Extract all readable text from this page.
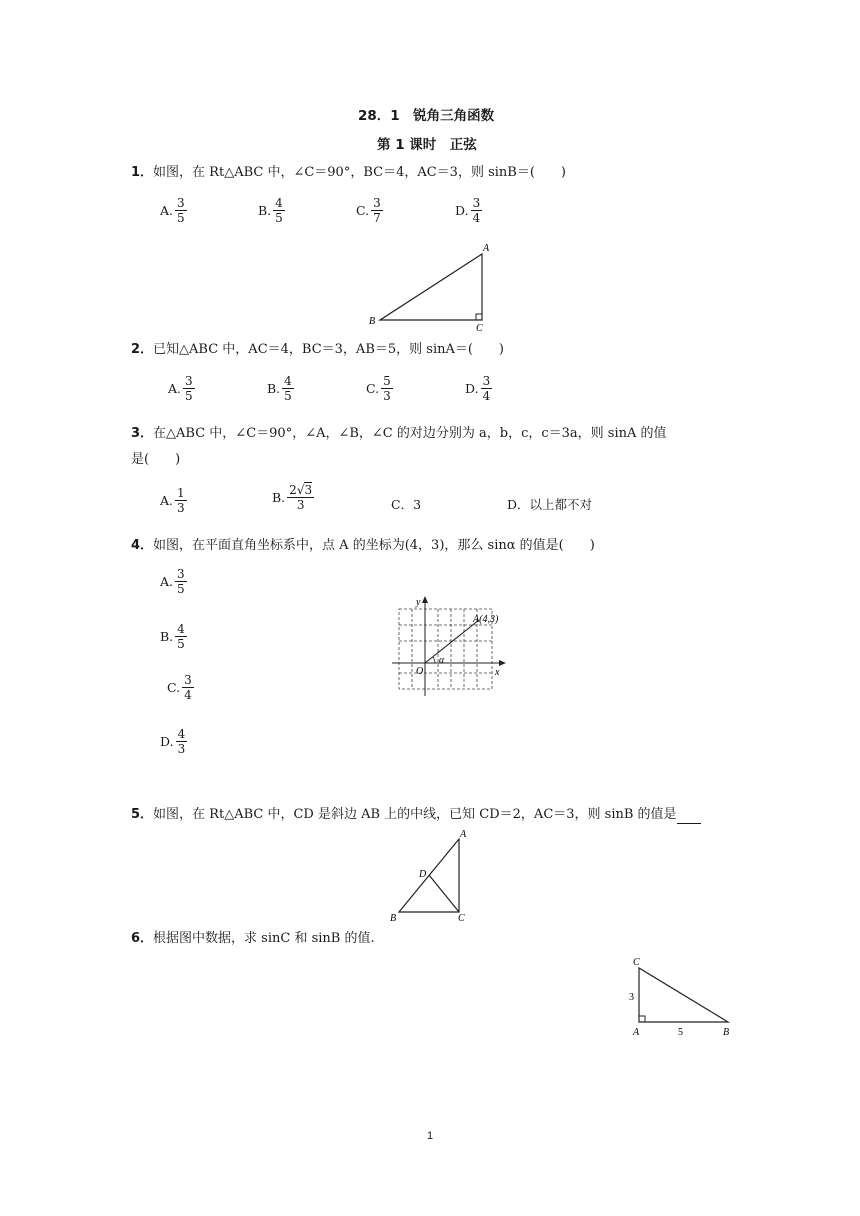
28．1　锐角三角函数
第 1 课时　正弦
1．如图，在 Rt△ABC 中，∠C＝90°，BC＝4，AC＝3，则 sinB＝(　　)
A. $\frac{3}{5}$	B. $\frac{4}{5}$	C. $\frac{3}{7}$	D. $\frac{3}{4}$
A
B
C
2．已知△ABC 中，AC＝4，BC＝3，AB＝5，则 sinA＝(　　)
A. $\frac{3}{5}$	B. $\frac{4}{5}$	C. $\frac{5}{3}$	D. $\frac{3}{4}$
3．在△ABC 中，∠C＝90°，∠A，∠B，∠C 的对边分别为 a，b，c，c＝3a，则 sinA 的值
是(　　)
A. $\frac{1}{3}$	B. $\frac{2√3}{3}$	C．3	D．以上都不对
4．如图，在平面直角坐标系中，点 A 的坐标为(4，3)，那么 sinα 的值是(　　)
A. $\frac{3}{5}$
B. $\frac{4}{5}$
C. $\frac{3}{4}$
D. $\frac{4}{3}$
y
x
O
α
A(4,3)
5．如图，在 Rt△ABC 中，CD 是斜边 AB 上的中线，已知 CD＝2，AC＝3，则 sinB 的值是
A
B	C
D
6．根据图中数据，求 sinC 和 sinB 的值.
C
A	B
3
5
1
